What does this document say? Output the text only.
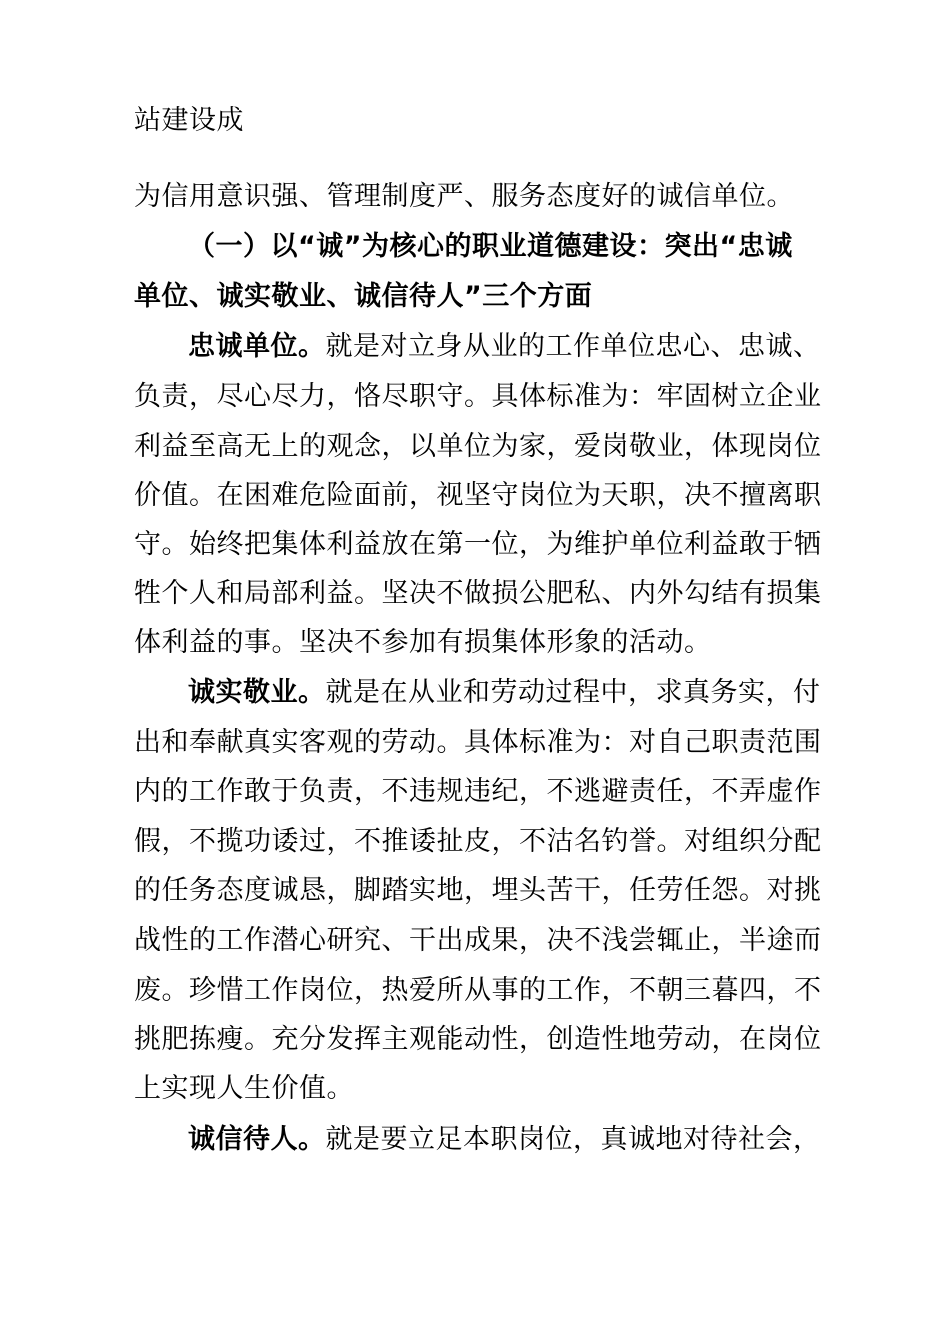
站建设成
为信用意识强、管理制度严、服务态度好的诚信单位。
（一）以“诚”为核心的职业道德建设：突出“忠诚
单位、诚实敬业、诚信待人”三个方面
忠诚单位。就是对立身从业的工作单位忠心、忠诚、
负责，尽心尽力，恪尽职守。具体标准为：牢固树立企业
利益至高无上的观念，以单位为家，爱岗敬业，体现岗位
价值。在困难危险面前，视坚守岗位为天职，决不擅离职
守。始终把集体利益放在第一位，为维护单位利益敢于牺
牲个人和局部利益。坚决不做损公肥私、内外勾结有损集
体利益的事。坚决不参加有损集体形象的活动。
诚实敬业。就是在从业和劳动过程中，求真务实，付
出和奉献真实客观的劳动。具体标准为：对自己职责范围
内的工作敢于负责，不违规违纪，不逃避责任，不弄虚作
假，不揽功诿过，不推诿扯皮，不沽名钓誉。对组织分配
的任务态度诚恳，脚踏实地，埋头苦干，任劳任怨。对挑
战性的工作潜心研究、干出成果，决不浅尝辄止，半途而
废。珍惜工作岗位，热爱所从事的工作，不朝三暮四，不
挑肥拣瘦。充分发挥主观能动性，创造性地劳动，在岗位
上实现人生价值。
诚信待人。就是要立足本职岗位，真诚地对待社会，
